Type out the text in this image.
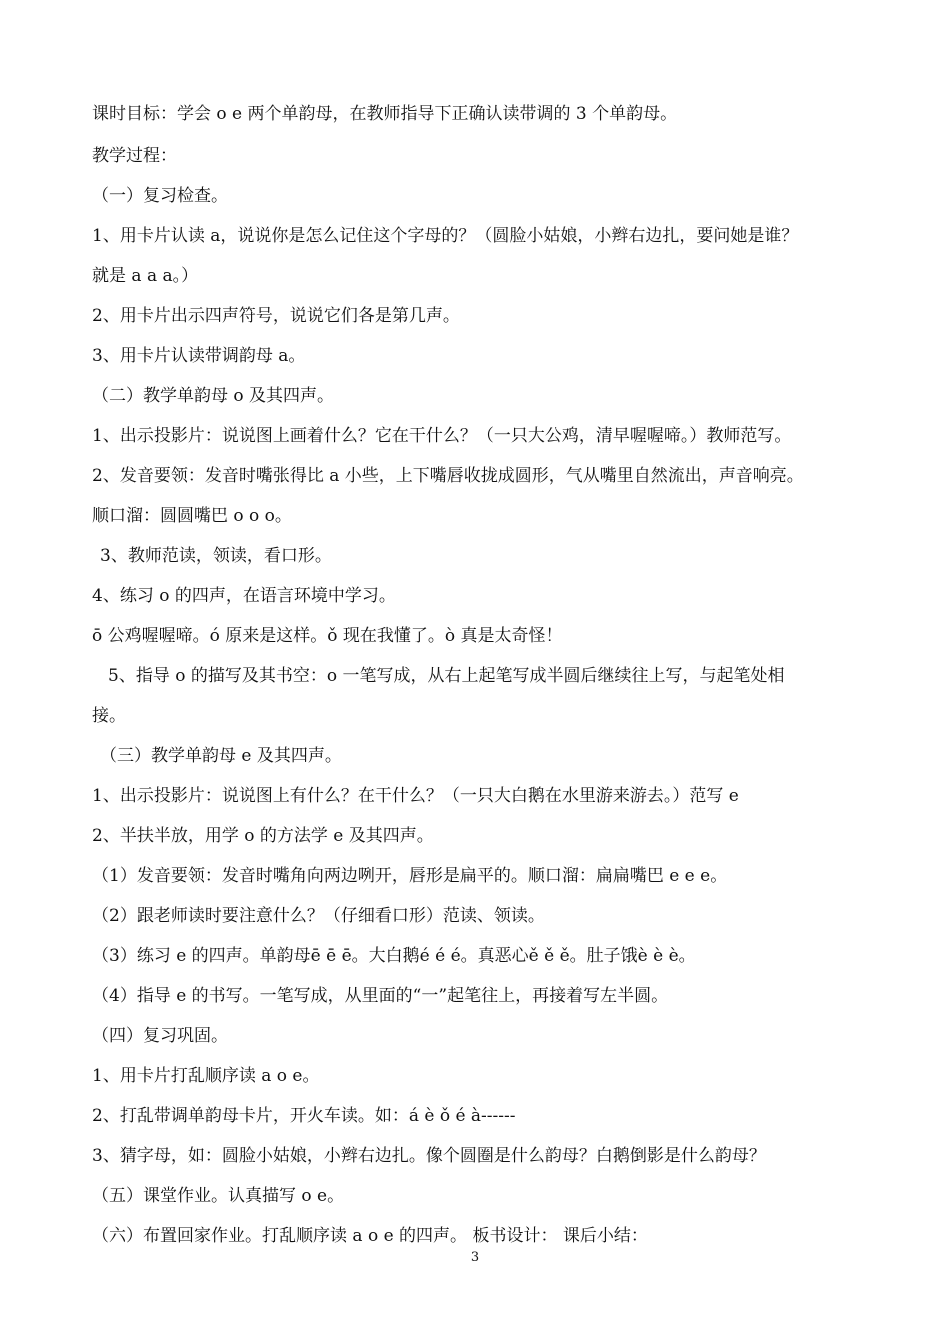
课时目标：学会 o e 两个单韵母，在教师指导下正确认读带调的 3 个单韵母。
教学过程：
（一）复习检查。
1、用卡片认读 a，说说你是怎么记住这个字母的？（圆脸小姑娘，小辫右边扎，要问她是谁？
就是 a a a。）
2、用卡片出示四声符号，说说它们各是第几声。
3、用卡片认读带调韵母 a。
（二）教学单韵母 o 及其四声。
1、出示投影片：说说图上画着什么？它在干什么？（一只大公鸡，清早喔喔啼。）教师范写。
2、发音要领：发音时嘴张得比 a 小些，上下嘴唇收拢成圆形，气从嘴里自然流出，声音响亮。
顺口溜：圆圆嘴巴 o o o。
3、教师范读，领读，看口形。
4、练习 o 的四声，在语言环境中学习。
ō 公鸡喔喔啼。ó 原来是这样。ǒ 现在我懂了。ò 真是太奇怪！
5、指导 o 的描写及其书空：o 一笔写成，从右上起笔写成半圆后继续往上写，与起笔处相
接。
（三）教学单韵母 e 及其四声。
1、出示投影片：说说图上有什么？在干什么？（一只大白鹅在水里游来游去。）范写 e
2、半扶半放，用学 o 的方法学 e 及其四声。
（1）发音要领：发音时嘴角向两边咧开，唇形是扁平的。顺口溜：扁扁嘴巴 e e e。
（2）跟老师读时要注意什么？（仔细看口形）范读、领读。
（3）练习 e 的四声。单韵母ē ē ē。大白鹅é é é。真恶心ě ě ě。肚子饿è è è。
（4）指导 e 的书写。一笔写成，从里面的“一”起笔往上，再接着写左半圆。
（四）复习巩固。
1、用卡片打乱顺序读 a o e。
2、打乱带调单韵母卡片，开火车读。如：á è ǒ é à------
3、猜字母，如：圆脸小姑娘，小辫右边扎。像个圆圈是什么韵母？白鹅倒影是什么韵母？
（五）课堂作业。认真描写 o e。
（六）布置回家作业。打乱顺序读 a o e 的四声。 板书设计： 课后小结：
3
